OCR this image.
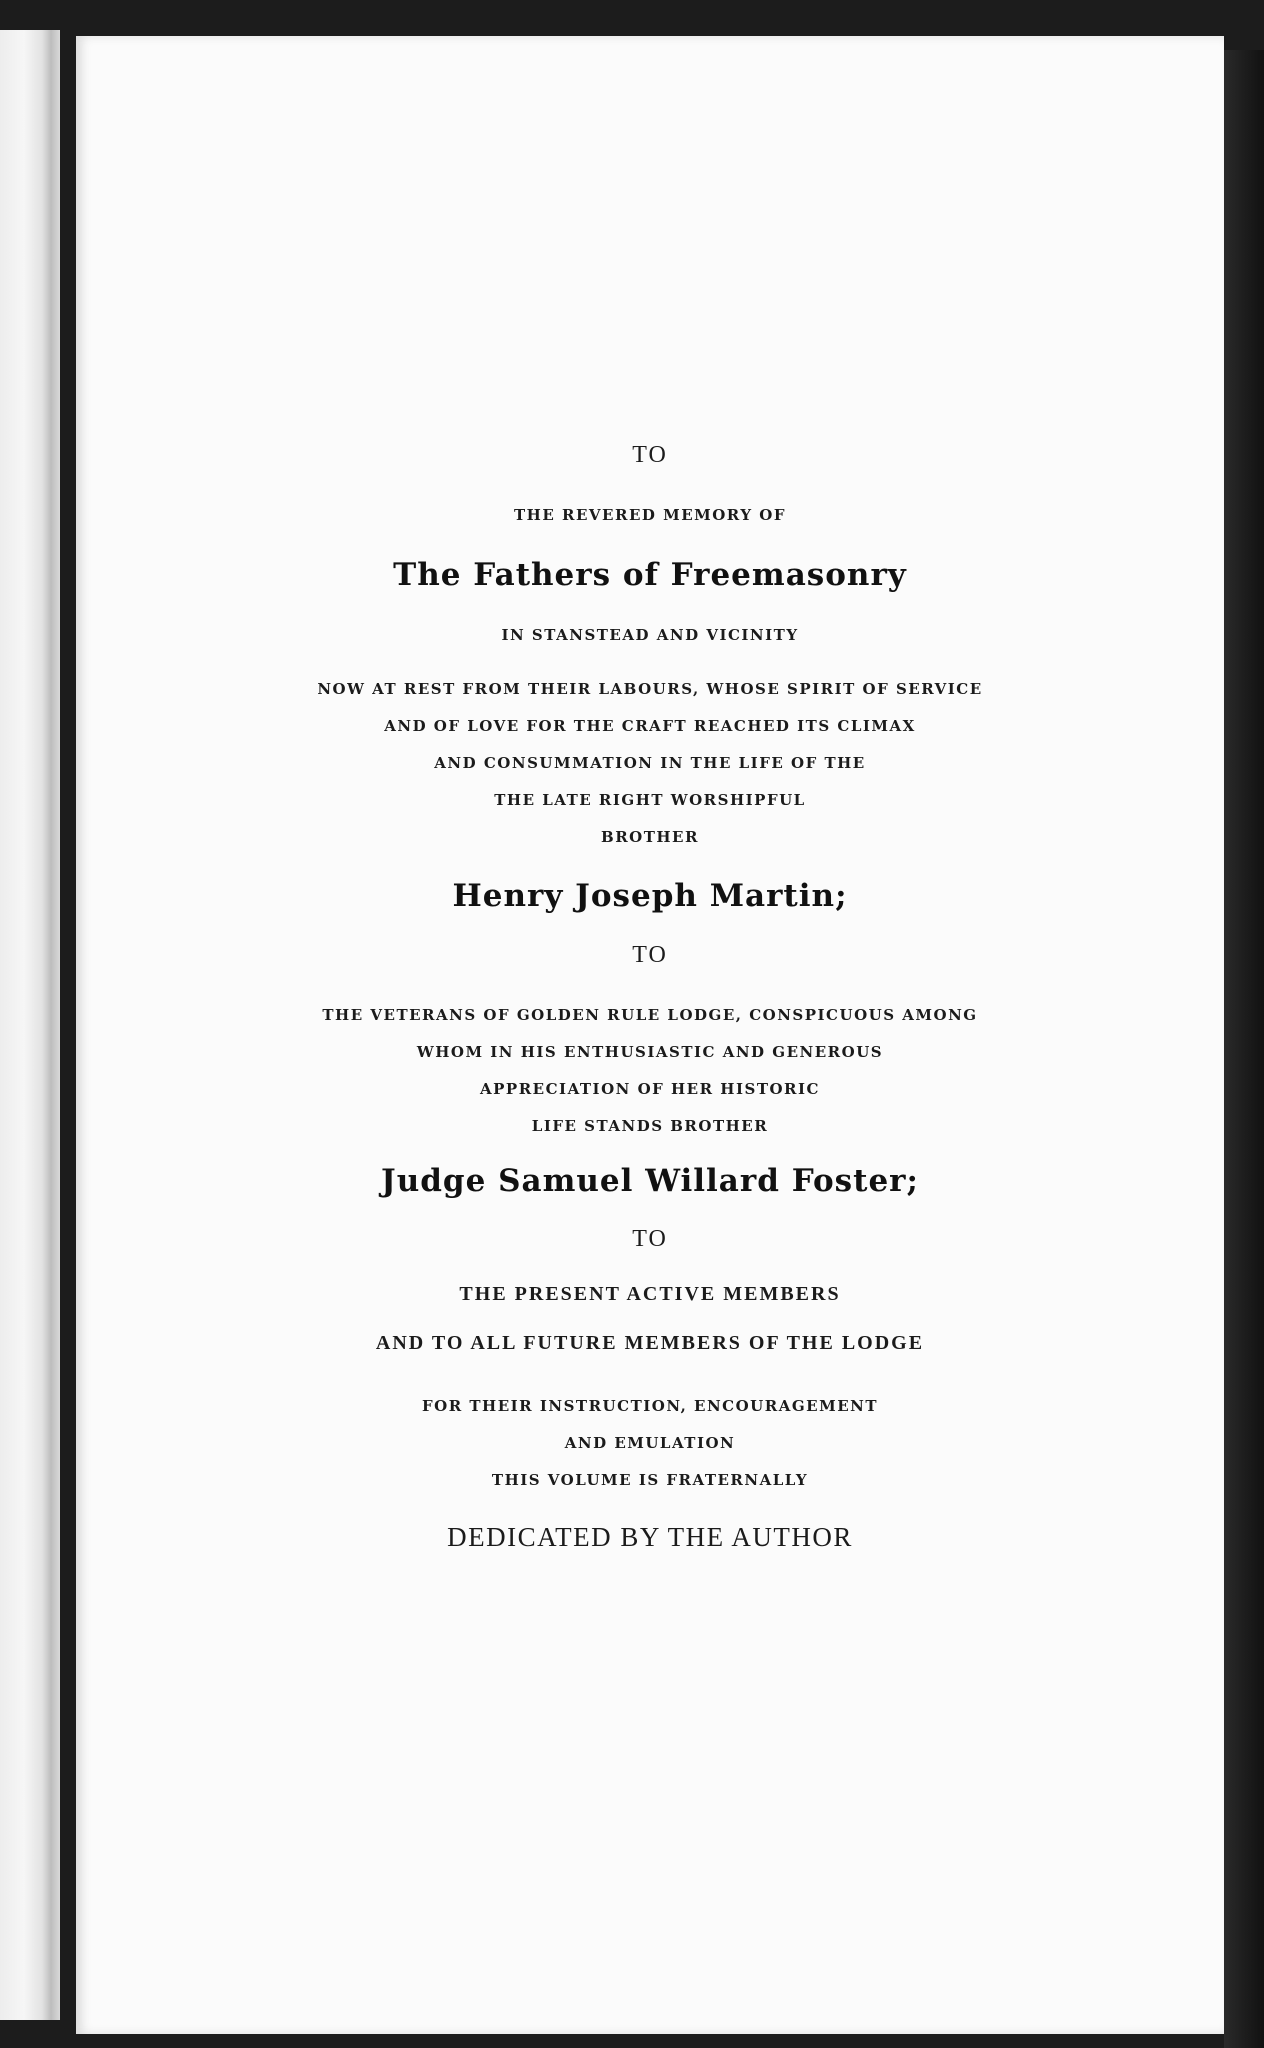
TO
THE REVERED MEMORY OF
The Fathers of Freemasonry
IN STANSTEAD AND VICINITY
NOW AT REST FROM THEIR LABOURS, WHOSE SPIRIT OF SERVICE
AND OF LOVE FOR THE CRAFT REACHED ITS CLIMAX
AND CONSUMMATION IN THE LIFE OF THE
THE LATE RIGHT WORSHIPFUL
BROTHER
Henry Joseph Martin;
TO
THE VETERANS OF GOLDEN RULE LODGE, CONSPICUOUS AMONG
WHOM IN HIS ENTHUSIASTIC AND GENEROUS
APPRECIATION OF HER HISTORIC
LIFE STANDS BROTHER
Judge Samuel Willard Foster;
TO
THE PRESENT ACTIVE MEMBERS
AND TO ALL FUTURE MEMBERS OF THE LODGE
FOR THEIR INSTRUCTION, ENCOURAGEMENT
AND EMULATION
THIS VOLUME IS FRATERNALLY
DEDICATED BY THE AUTHOR
